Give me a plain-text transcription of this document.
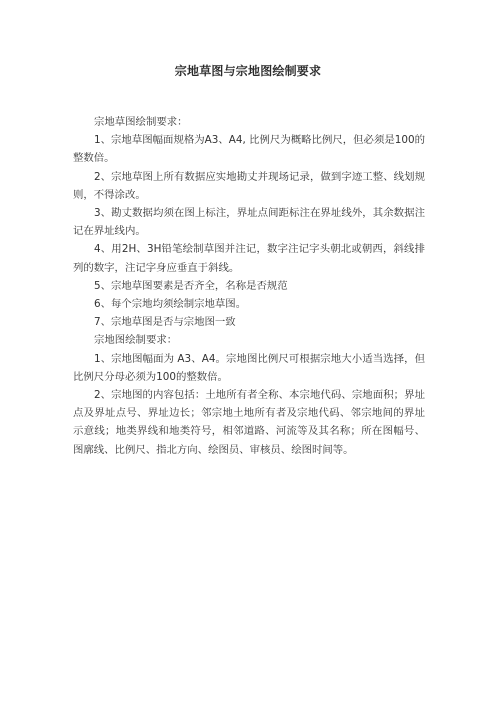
宗地草图与宗地图绘制要求

宗地草图绘制要求：

1、宗地草图幅面规格为A3、A4, 比例尺为概略比例尺，但必须是100的整数倍。

2、宗地草图上所有数据应实地勘丈并现场记录，做到字迹工整、线划规则，不得涂改。

3、勘丈数据均须在图上标注，界址点间距标注在界址线外，其余数据注记在界址线内。

4、用2H、3H铅笔绘制草图并注记，数字注记字头朝北或朝西，斜线排列的数字，注记字身应垂直于斜线。

5、宗地草图要素是否齐全，名称是否规范

6、每个宗地均须绘制宗地草图。

7、宗地草图是否与宗地图一致

宗地图绘制要求：

1、宗地图幅面为 A3、A4。宗地图比例尺可根据宗地大小适当选择，但比例尺分母必须为100的整数倍。

2、宗地图的内容包括：土地所有者全称、本宗地代码、宗地面积；界址点及界址点号、界址边长；邻宗地土地所有者及宗地代码、邻宗地间的界址示意线；地类界线和地类符号，相邻道路、河流等及其名称；所在图幅号、图廓线、比例尺、指北方向、绘图员、审核员、绘图时间等。
